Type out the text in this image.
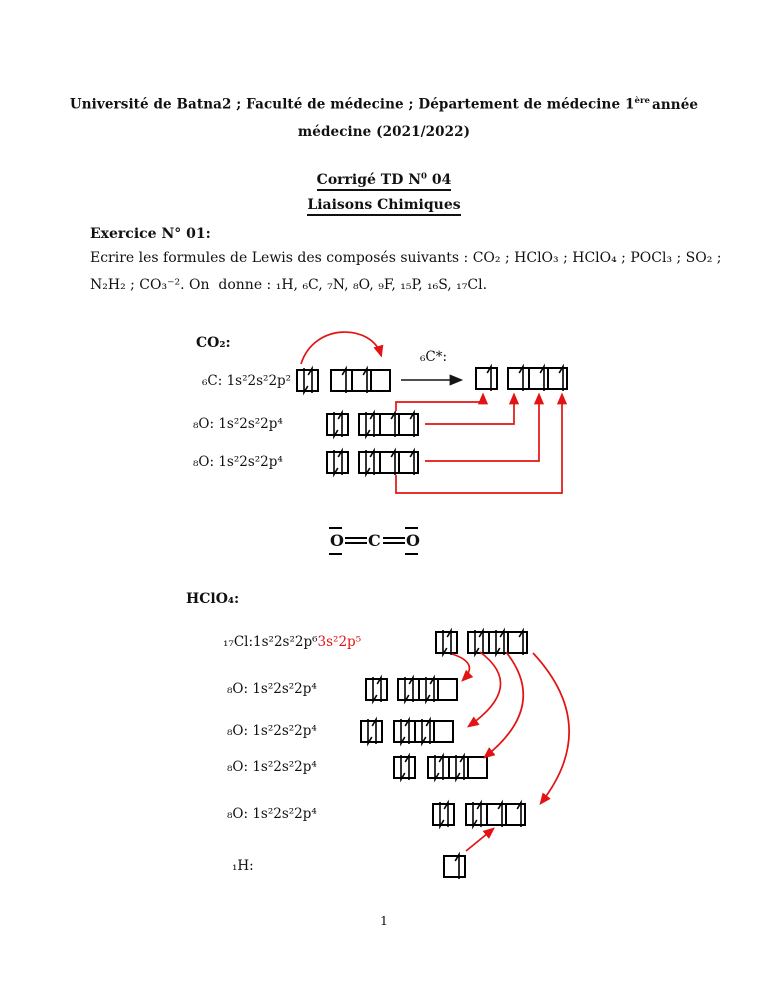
Université de Batna2 ; Faculté de médecine ; Département de médecine 1ère année
médecine (2021/2022)
Corrigé TD $N^0$ 04
Liaisons Chimiques
Exercice N° 01:
Ecrire les formules de Lewis des composés suivants : CO₂ ; HClO₃ ; HClO₄ ; POCl₃ ; SO₂ ;
N₂H₂ ; CO₃⁻². On  donne : ₁H, ₆C, ₇N, ₈O, ₉F, ₁₅P, ₁₆S, ₁₇Cl.
CO₂:
₆C: 1s²2s²2p²
₆C*:
₈O: 1s²2s²2p⁴
₈O: 1s²2s²2p⁴
O C O
HClO₄:
₁₇Cl:1s²2s²2p⁶3s²2p⁵
₈O: 1s²2s²2p⁴
₈O: 1s²2s²2p⁴
₈O: 1s²2s²2p⁴
₈O: 1s²2s²2p⁴
₁H:
1
